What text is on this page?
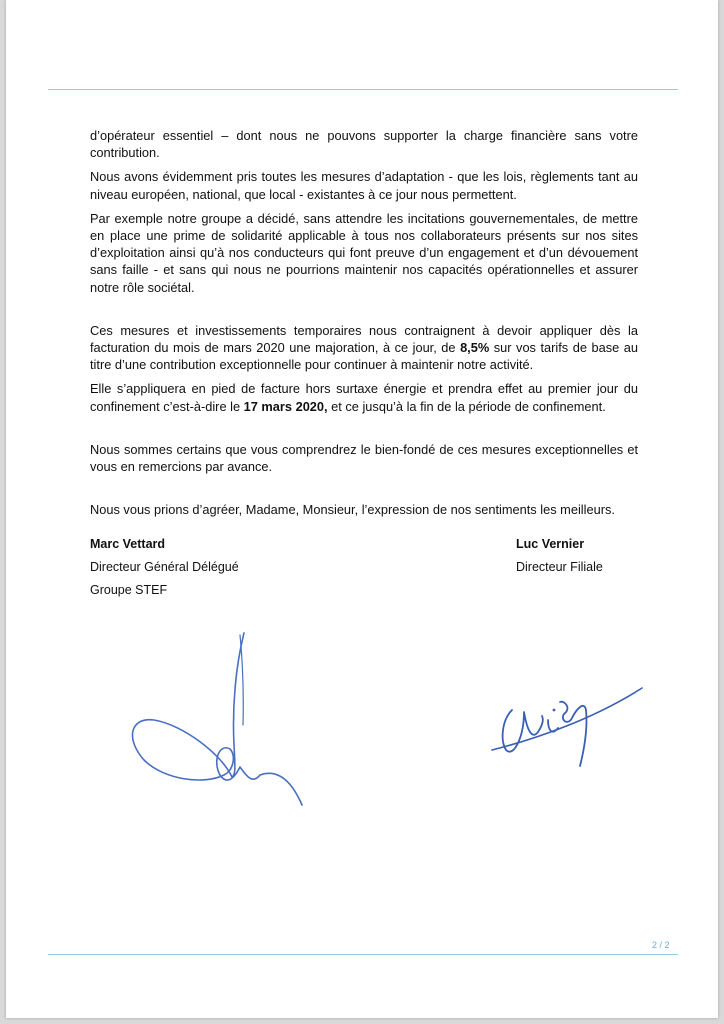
d’opérateur essentiel – dont nous ne pouvons supporter la charge financière sans votre contribution.

Nous avons évidemment pris toutes les mesures d’adaptation - que les lois, règlements tant au niveau européen, national, que local - existantes à ce jour nous permettent.

Par exemple notre groupe a décidé, sans attendre les incitations gouvernementales, de mettre en place une prime de solidarité applicable à tous nos collaborateurs présents sur nos sites d’exploitation ainsi qu’à nos conducteurs qui font preuve d’un engagement et d’un dévouement sans faille - et sans qui nous ne pourrions maintenir nos capacités opérationnelles et assurer notre rôle sociétal.

Ces mesures et investissements temporaires nous contraignent à devoir appliquer dès la facturation du mois de mars 2020 une majoration, à ce jour, de 8,5% sur vos tarifs de base au titre d’une contribution exceptionnelle pour continuer à maintenir notre activité.

Elle s’appliquera en pied de facture hors surtaxe énergie et prendra effet au premier jour du confinement c’est-à-dire le 17 mars 2020, et ce jusqu’à la fin de la période de confinement.

Nous sommes certains que vous comprendrez le bien-fondé de ces mesures exceptionnelles et vous en remercions par avance.

Nous vous prions d’agréer, Madame, Monsieur, l’expression de nos sentiments les meilleurs.

Marc Vettard
Directeur Général Délégué
Groupe STEF
Luc Vernier
Directeur Filiale
2 / 2
